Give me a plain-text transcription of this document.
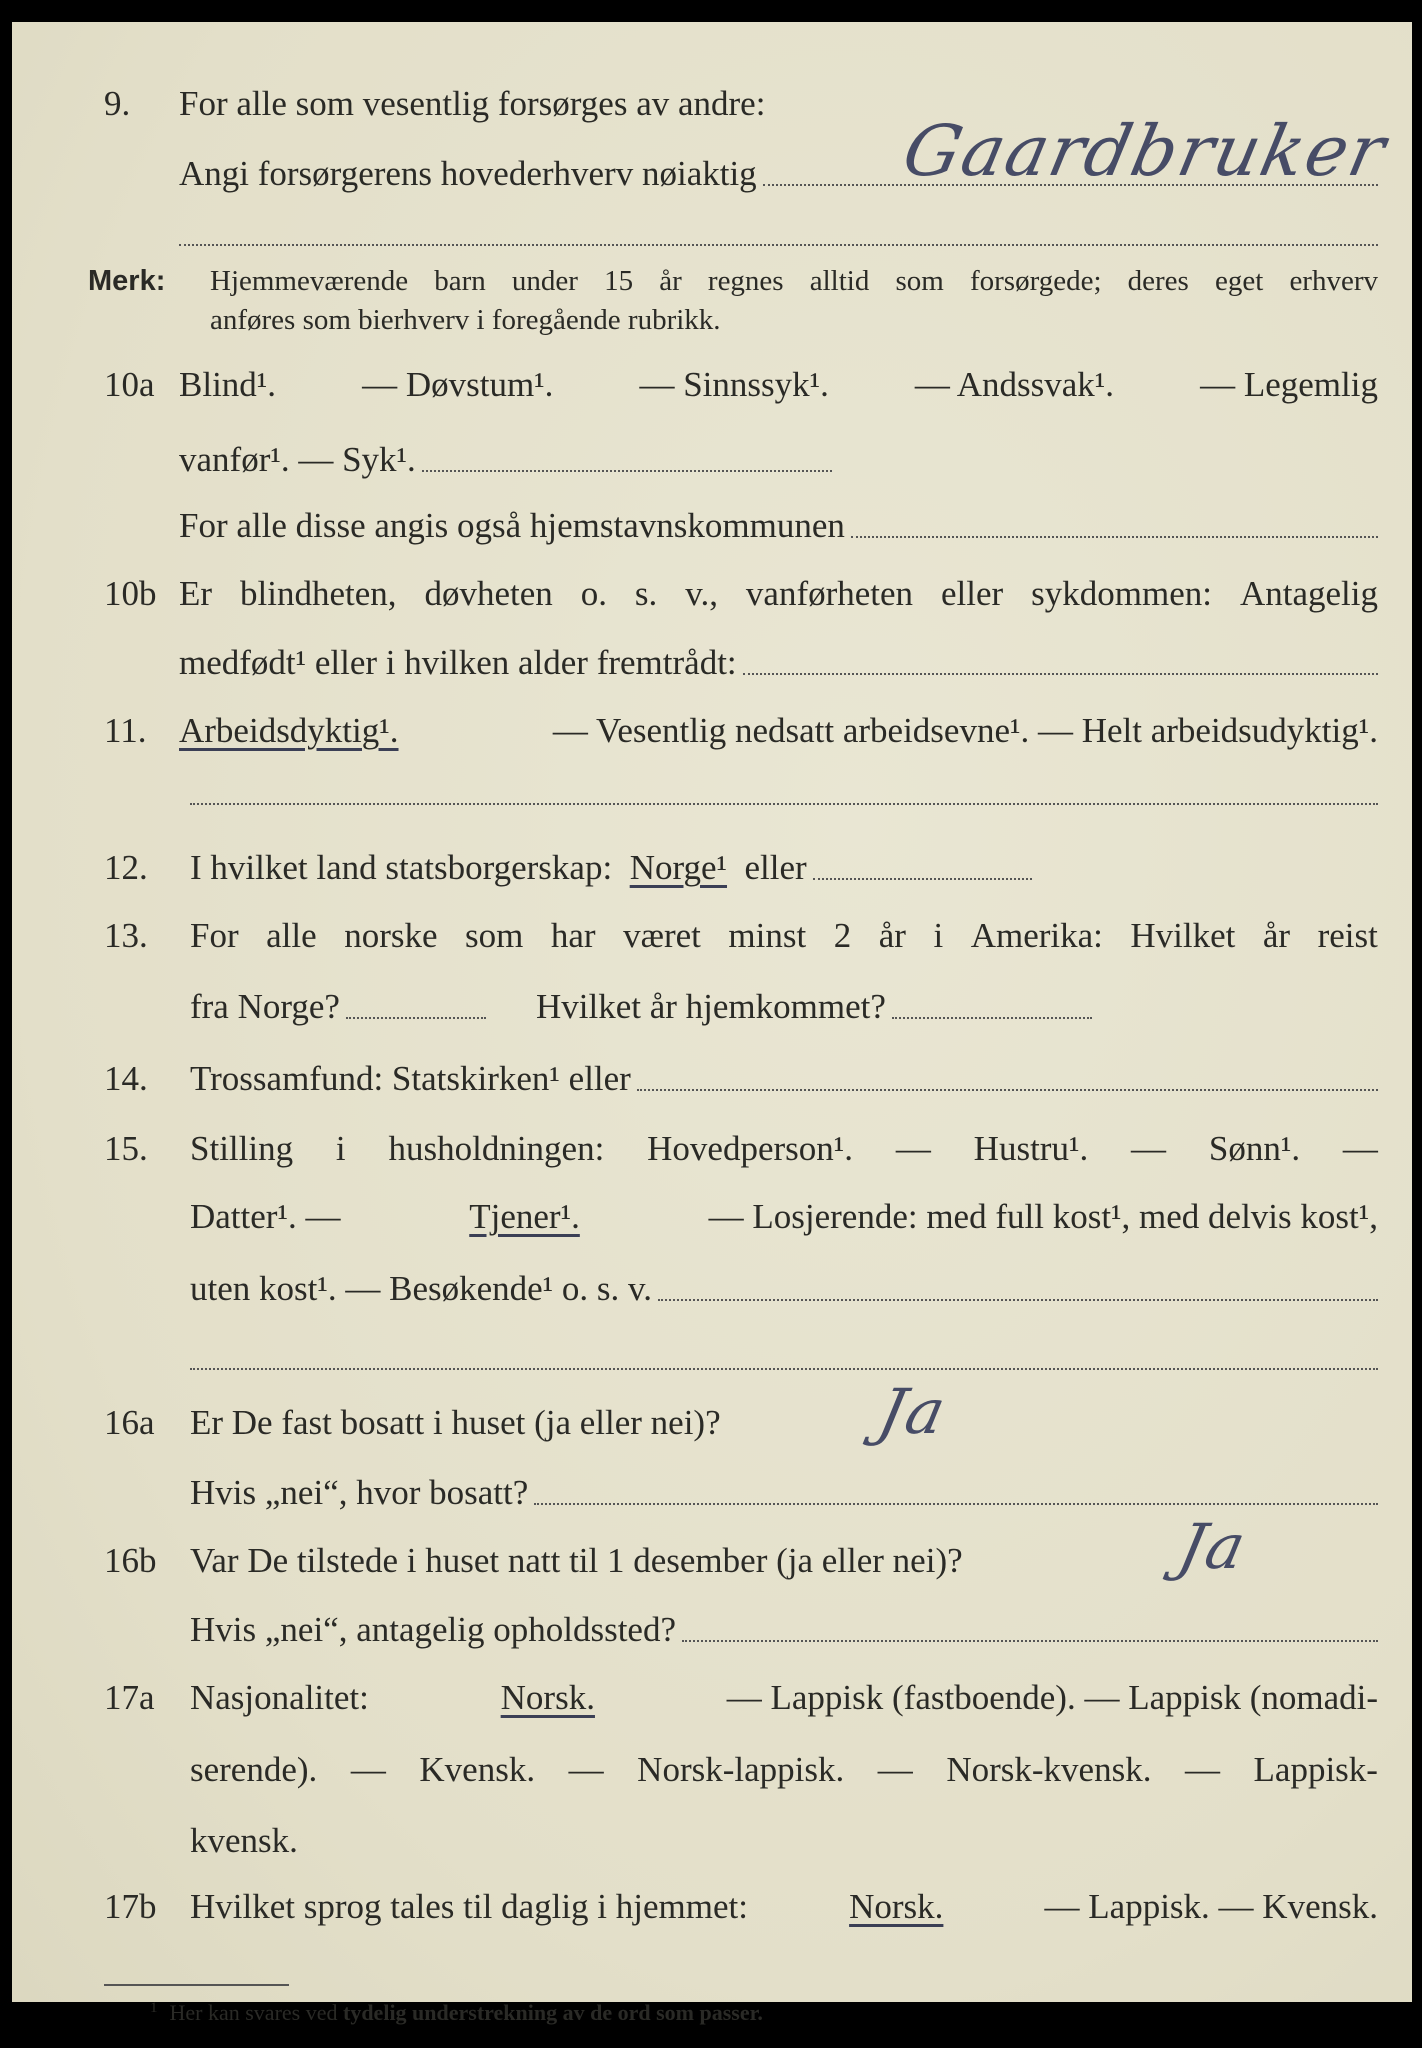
9. For alle som vesentlig forsørges av andre:
Angi forsørgerens hovederhverv nøiaktig Gaardbruker
Merk: Hjemmeværende barn under 15 år regnes alltid som forsørgede; deres eget erhverv
anføres som bierhverv i foregående rubrikk.
10a Blind¹. — Døvstum¹. — Sinnssyk¹. — Andssvak¹. — Legemlig
vanfør¹. — Syk¹.
For alle disse angis også hjemstavnskommunen
10b Er blindheten, døvheten o. s. v., vanførheten eller sykdommen: Antagelig
medfødt¹ eller i hvilken alder fremtrådt:
11. Arbeidsdyktig¹.	— Vesentlig nedsatt arbeidsevne¹. — Helt arbeidsudyktig¹.
12. I hvilket land statsborgerskap:
Norge¹
eller
13. For alle norske som har været minst 2 år i Amerika: Hvilket år reist
fra Norge?	Hvilket år hjemkommet?
14. Trossamfund: Statskirken¹ eller
15. Stilling i husholdningen: Hovedperson¹. — Hustru¹. — Sønn¹. —
Datter¹. —	Tjener¹.	— Losjerende: med full kost¹, med delvis kost¹,
uten kost¹. — Besøkende¹ o. s. v.
16a Er De fast bosatt i huset (ja eller nei)? Ja
Hvis „nei“, hvor bosatt?
16b Var De tilstede i huset natt til 1 desember (ja eller nei)?	Ja
Hvis „nei“, antagelig opholdssted?
17a Nasjonalitet:	Norsk.	— Lappisk (fastboende). — Lappisk (nomadi-
serende). — Kvensk. — Norsk-lappisk. — Norsk-kvensk. — Lappisk-
kvensk.
17b Hvilket sprog tales til daglig i hjemmet:	Norsk.	— Lappisk. — Kvensk.
$^1$ Her kan svares ved tydelig understrekning av de ord som passer.
